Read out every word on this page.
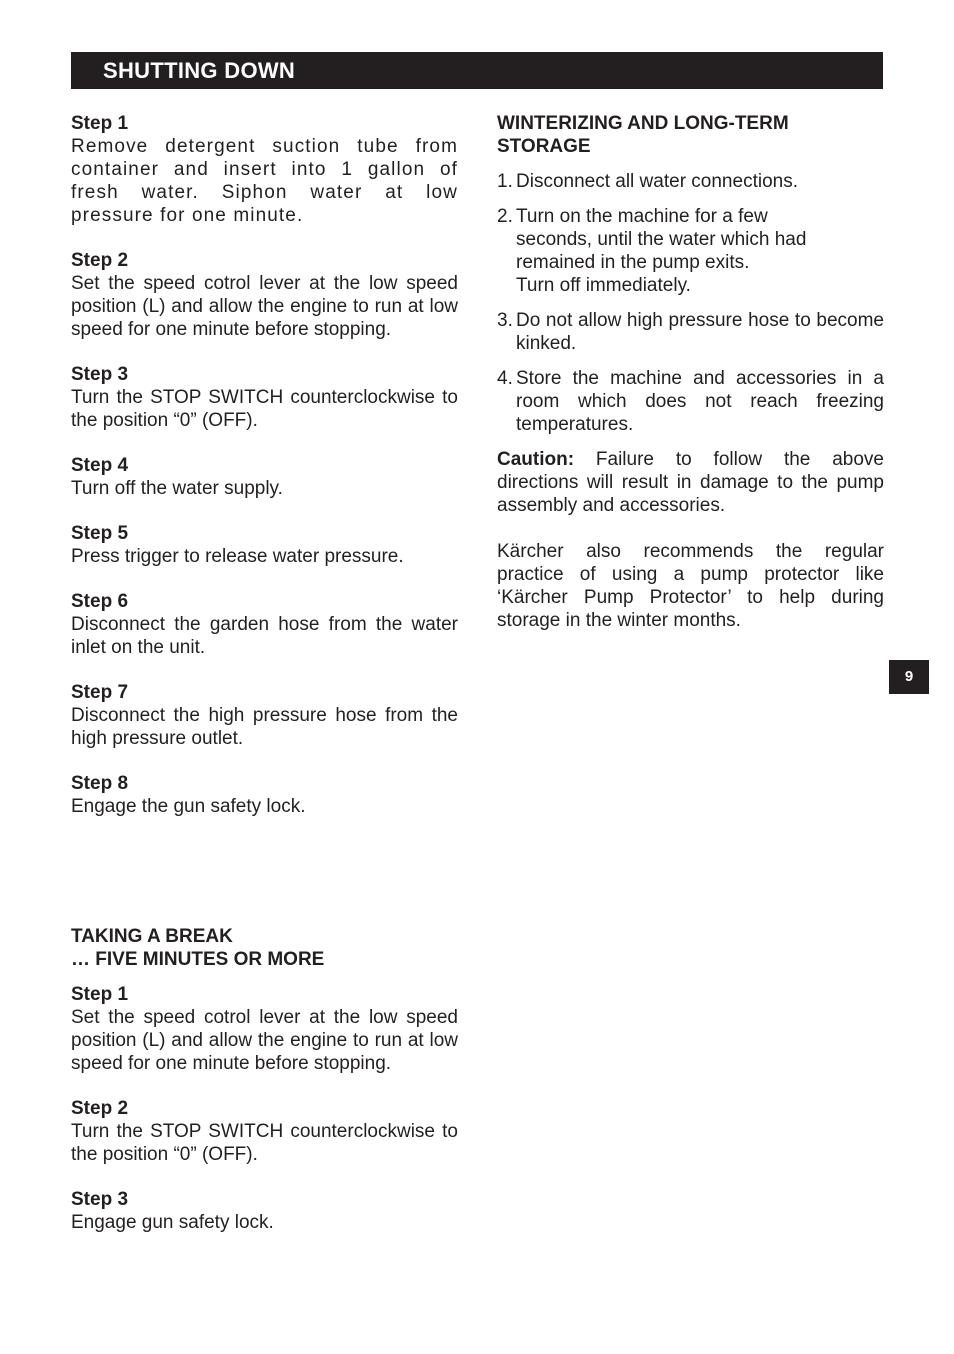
SHUTTING DOWN
Step 1
Remove detergent suction tube from container and insert into 1 gallon of fresh water. Siphon water at low pressure for one minute.
Step 2
Set the speed cotrol lever at the low speed position (L) and allow the engine to run at low speed for one minute before stopping.
Step 3
Turn the STOP SWITCH counterclockwise to the position “0” (OFF).
Step 4
Turn off the water supply.
Step 5
Press trigger to release water pressure.
Step 6
Disconnect the garden hose from the water inlet on the unit.
Step 7
Disconnect the high pressure hose from the high pressure outlet.
Step 8
Engage the gun safety lock.
TAKING A BREAK
… FIVE MINUTES OR MORE
Step 1
Set the speed cotrol lever at the low speed position (L) and allow the engine to run at low speed for one minute before stopping.
Step 2
Turn the STOP SWITCH counterclockwise to the position “0” (OFF).
Step 3
Engage gun safety lock.
WINTERIZING AND LONG-TERM
STORAGE
1. Disconnect all water connections.
2. Turn on the machine for a few
seconds, until the water which had
remained in the pump exits.
Turn off immediately.
3. Do not allow high pressure hose to become kinked.
4. Store the machine and accessories in a room which does not reach freezing temperatures.
Caution: Failure to follow the above directions will result in damage to the pump assembly and accessories.
Kärcher also recommends the regular practice of using a pump protector like ‘Kärcher Pump Protector’ to help during storage in the winter months.
9
